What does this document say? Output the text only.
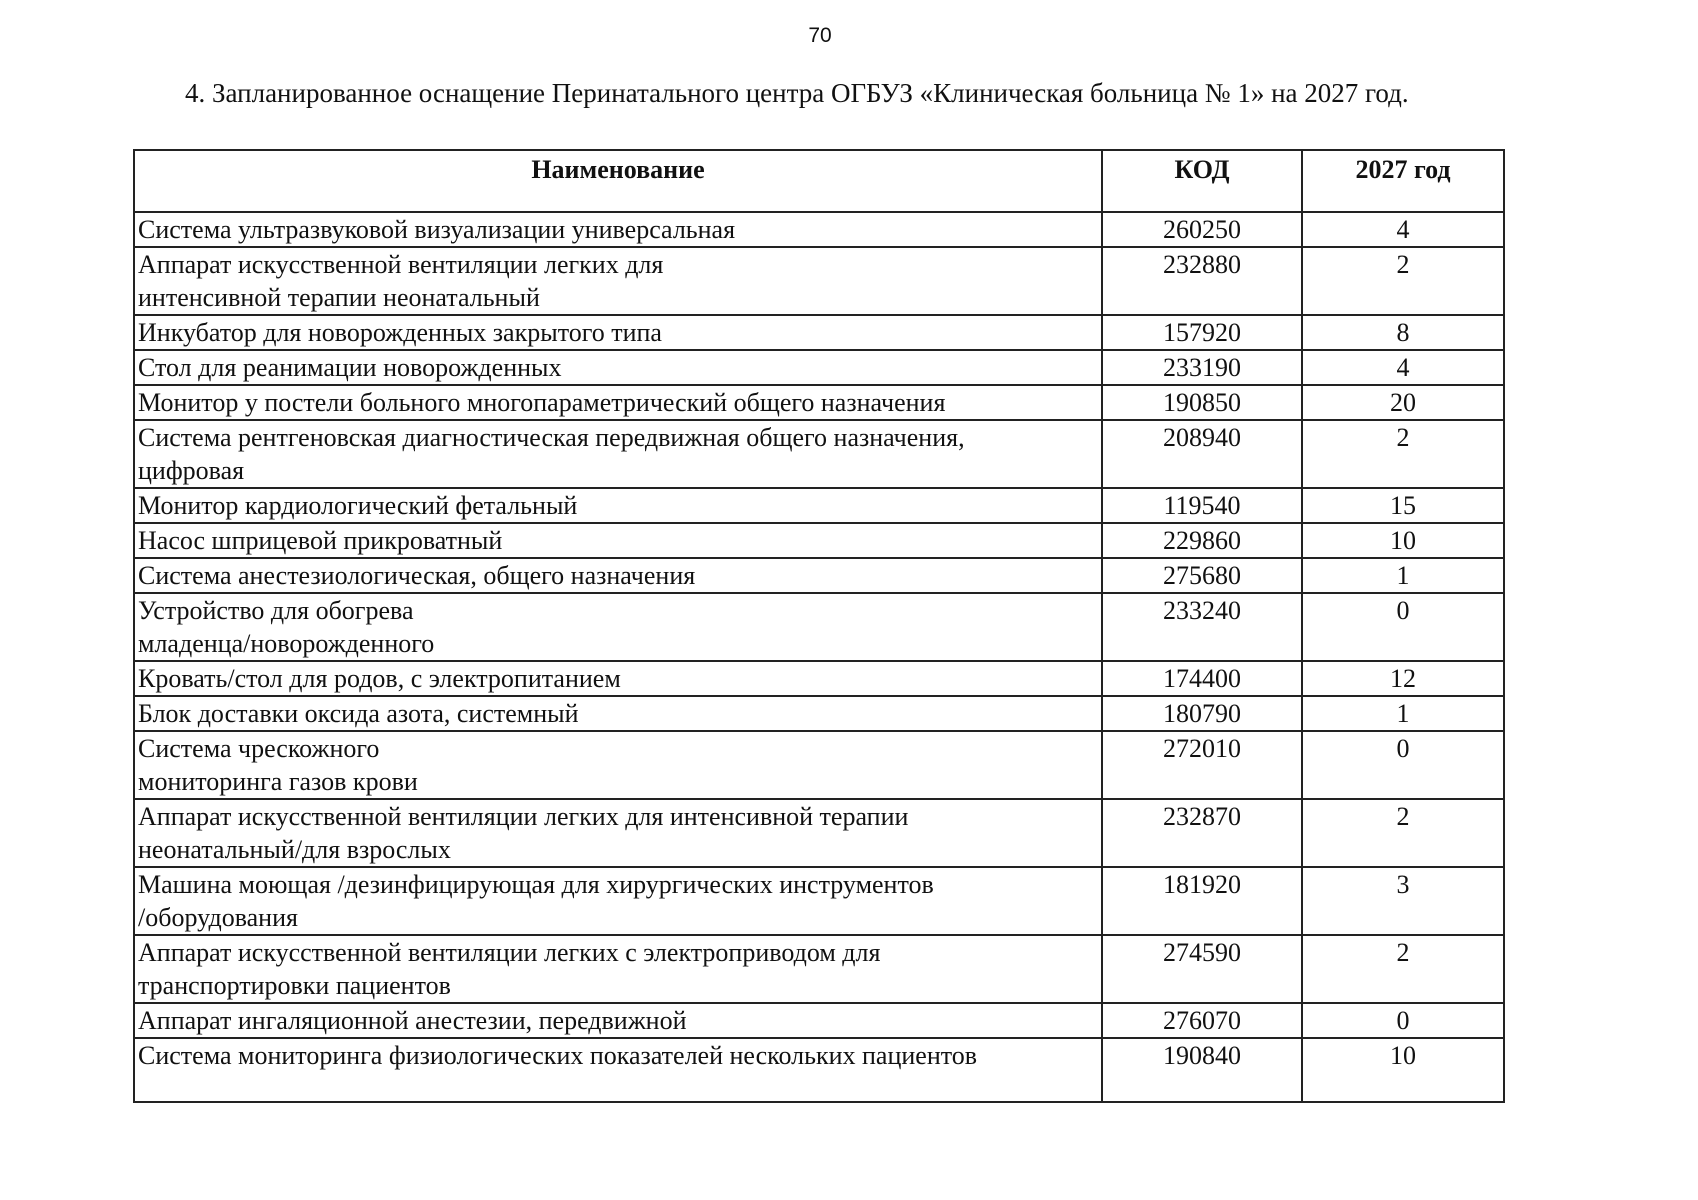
70
4. Запланированное оснащение Перинатального центра ОГБУЗ «Клиническая больница № 1» на 2027 год.
Наименование	КОД	2027 год
Система ультразвуковой визуализации универсальная	260250	4
Аппарат искусственной вентиляции легких для
интенсивной терапии неонатальный	232880	2
Инкубатор для новорожденных закрытого типа	157920	8
Стол для реанимации новорожденных	233190	4
Монитор у постели больного многопараметрический общего назначения	190850	20
Система рентгеновская диагностическая передвижная общего назначения,
цифровая	208940	2
Монитор кардиологический фетальный	119540	15
Насос шприцевой прикроватный	229860	10
Система анестезиологическая, общего назначения	275680	1
Устройство для обогрева
младенца/новорожденного	233240	0
Кровать/стол для родов, с электропитанием	174400	12
Блок доставки оксида азота, системный	180790	1
Система чрескожного
мониторинга газов крови	272010	0
Аппарат искусственной вентиляции легких для интенсивной терапии
неонатальный/для взрослых	232870	2
Машина моющая /дезинфицирующая для хирургических инструментов
/оборудования	181920	3
Аппарат искусственной вентиляции легких с электроприводом для
транспортировки пациентов	274590	2
Аппарат ингаляционной анестезии, передвижной	276070	0
Система мониторинга физиологических показателей нескольких пациентов	190840	10
